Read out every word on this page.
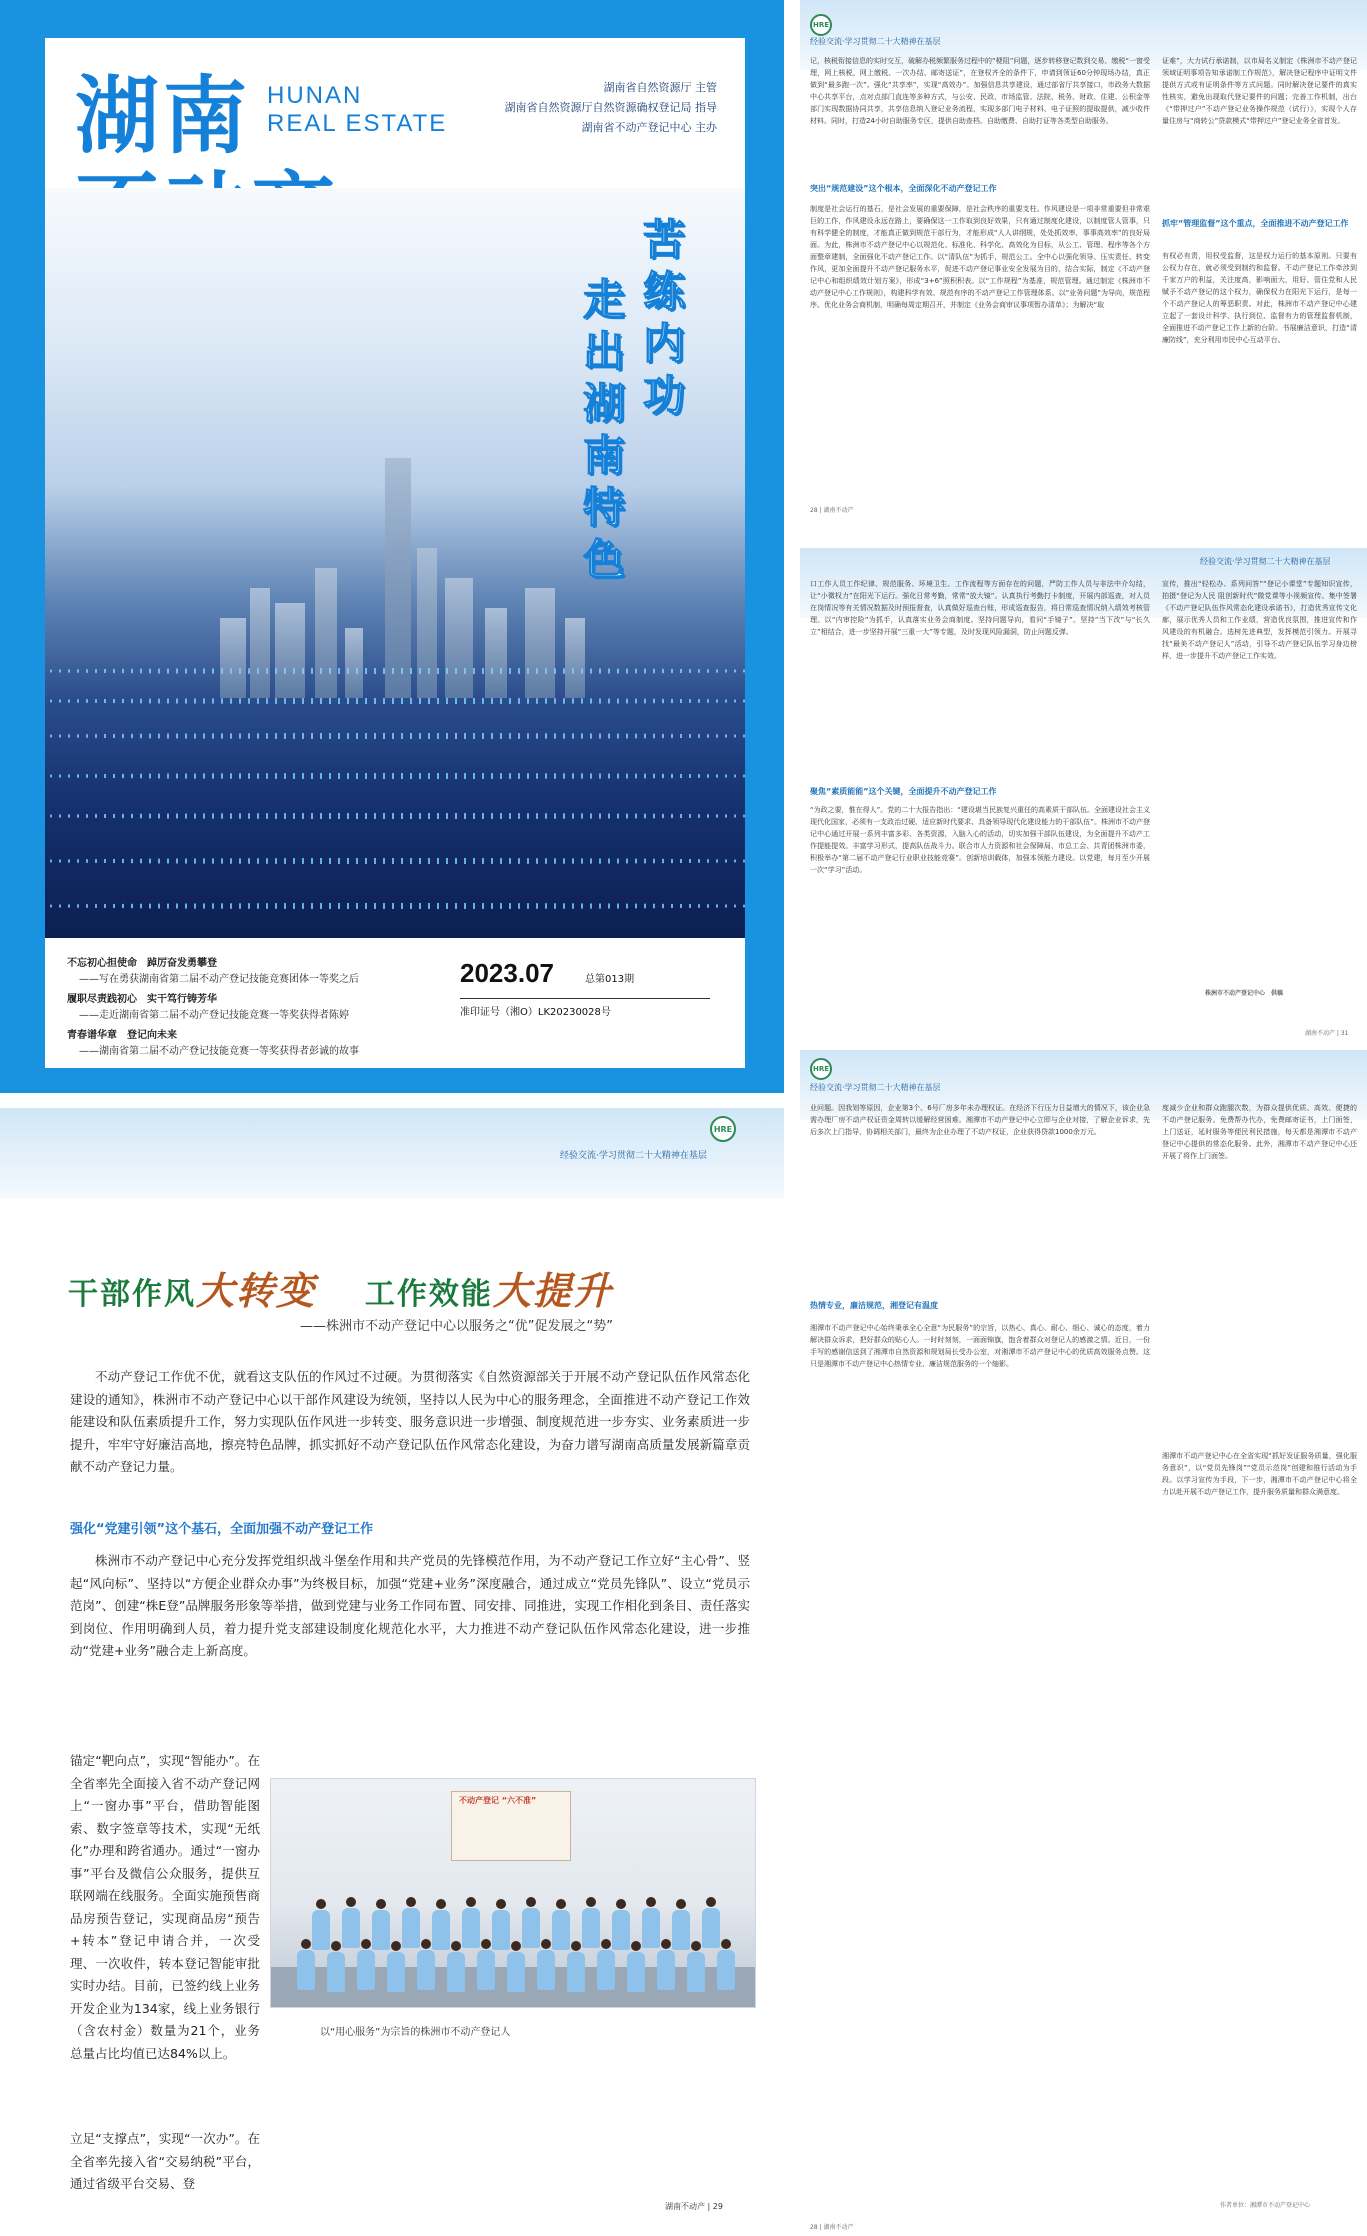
湖南 HUNAN
REAL ESTATE
湖南省自然资源厅 主管
湖南省自然资源厅自然资源确权登记局 指导
湖南省不动产登记中心 主办
走
出
湖
南
特
色
苦
练
内
功
不忘初心担使命　踔厉奋发勇攀登
——写在勇获湖南省第二届不动产登记技能竞赛团体一等奖之后
履职尽责践初心　实干笃行铸芳华
——走近湖南省第二届不动产登记技能竞赛一等奖获得者陈婷
青春谱华章　登记向未来
——湖南省第二届不动产登记技能竞赛一等奖获得者彭诚的故事
2023.07	总第013期
准印证号（湘O）LK20230028号
HRE
经验交流·学习贯彻二十大精神在基层
记，核税衔接信息的实时交互，破解办税频繁服务过程中的“梗阻”问题，逐步转移登记数到交易、缴税“一窗受理，网上核税，网上缴税、一次办结、邮寄送证”，在登权齐全的条件下，申请到领证60分钟现场办结，真正做到“最多跑一次”。强化“共享率”，实现“高效办”。加强信息共享建设，通过部省厅共享接口，市政务大数据中心共享平台，点对点部门直连等多种方式，与公安、民政、市场监管、法院、税务、财政、住建、公积金等部门实现数据协同共享，共享信息纳入登记业务流程，实现多部门电子材料、电子证照的提取提供，减少收件材料。同时，打造24小时自助服务专区，提供自助查档、自助缴费、自助打证等各类型自助服务。
突出“规范建设”这个根本，全面深化不动产登记工作
制度是社会运行的基石，是社会发展的重要保障，是社会秩序的重要支柱。作风建设是一项非常重要但非常艰巨的工作，作风建设永远在路上，要确保这一工作取到良好效果，只有通过制度化建设，以制度管人管事，只有科学健全的制度，才能真正做到规范干部行为，才能形成“人人讲纲规，处处抓效率，事事高效率”的良好局面。为此，株洲市不动产登记中心以规范化、标准化、科学化、高效化为目标，从公工、管理、程序等各个方面整章建制，全面强化不动产登记工作。以“清队伍”为抓手，规范公工。全中心以强化领导、压实责任、转变作风，更加全面提升不动产登记服务水平，促进不动产登记事业安全发展为目的，结合实际，制定《不动产登记中心和组织绩效计划方案》，形成“3+6”照积积表。以“工作规程”为基准，规范管理。通过制定《株洲市不动产登记中心工作规则》，构建科学有效、规范有序的不动产登记工作管理体系。以“业务问题”为导向，规范程序。优化业务会商机制，明确每周定期召开，并制定《业务会商审议事项暂办清单》；为解决“取
证难”，大力试行承诺制，以市局名义制定《株洲市不动产登记领域证明事项告知承诺制工作规范》，解决登记程序中证明文件提供方式或有证明条件等方式问题。同时解决登记要件的真实性核实，避免出现取代登记要件的问题；完善工作机制，出台《“带押过户”不动产登记业务操作规范（试行）》，实现个人存量住房与“商转公”贷款模式“带押过户”登记业务全省首发。
抓牢“管理监督”这个重点，全面推进不动产登记工作
有权必有责，用权受监督，这是权力运行的基本原则。只要有公权力存在，就必须受到制约和监督。不动产登记工作牵涉到千家万户的利益，关注度高，影响面大，用好、管住党和人民赋予不动产登记的这个权力，确保权力在阳光下运行，是每一个不动产登记人的筹恶职责。对此，株洲市不动产登记中心建立起了一套设计科学、执行到位、监督有力的管理监督机制，全面推进不动产登记工作上新的台阶。书展廉洁意识，打造“清廉防线”，充分利用市民中心互动平台。
28 | 湖南不动产
经验交流·学习贯彻二十大精神在基层
口工作人员工作纪律、规范服务、环境卫生、工作流程等方面存在的问题，严防工作人员与非法中介勾结，让“小微权力”在阳光下运行。强化日常考勤，常常“放大镜”。认真执行考勤打卡制度，开展内部巡查，对人员在岗情况等有关情况数据及时预报督查，认真做好巡查台账，形成巡查报告，将日常巡查情况纳入绩效考核管理。以“内审控险”为抓手，认真落实业务会商制度。坚持问题导向，看问“手镜子”。坚持“当下改”与“长久立”相结合，进一步坚持开展“三重一大”等专题，及时发现风险漏洞，防止问题反弹。
聚焦“素质能能”这个关键，全面提升不动产登记工作
“为政之要，惟在得人”。党的二十大报告指出：“建设堪当民族复兴重任的高素质干部队伍。全面建设社会主义现代化国家，必须有一支政治过硬、适应新时代要求、具备领导现代化建设能力的干部队伍”。株洲市不动产登记中心通过开展一系列丰富多彩、各类资源，入脑入心的活动，切实加强干部队伍建设，为全面提升不动产工作提能提效。丰富学习形式，提高队伍战斗力。联合市人力资源和社会保障局、市总工会、共青团株洲市委，积极举办“第二届不动产登记行业职业技能竞赛”。创新培训载体，加强本领能力建设。以党建，每月至少开展一次“学习”活动。
宣传，推出“轻松办、系列问答”“登记小课堂”专题知识宣传，拍摄“登记为人民 阻创新时代”微党课等小视频宣传。集中签署《不动产登记队伍作风常态化建设承诺书》，打造优秀宣传文化廊，展示优秀人员和工作业绩，营造优良氛围，推进宣传和作风建设的有机融合。选树先进典型，发挥模范引领力。开展寻找“最美不动产登记人”活动，引导不动产登记队伍学习身边榜样，进一步提升不动产登记工作实效。
株洲市不动产登记中心　供稿
湖南不动产 | 31
HRE
经验交流·学习贯彻二十大精神在基层
业问题。因我划等原因，企业第3个、6号厂房多年未办理权证。在经济下行压力日益增大的情况下，该企业急需办理厂房不动产权证资金周转以缓解经营困难。湘潭市不动产登记中心立即与企业对接，了解企业诉求，先后多次上门指导，协调相关部门，最终为企业办理了不动产权证，企业获得贷款1000余万元。
热情专业，廉洁规范，湘登记有温度
湘潭市不动产登记中心始终秉承全心全意“为民服务”的宗旨，以热心、真心、耐心、细心、诚心的态度，着力解决群众诉求，把好群众的贴心人。一时时刻刻，一面面锦旗，饱含着群众对登记人的感激之情。近日，一份手写的感谢信送到了湘潭市自然资源和规划局长受办公室，对湘潭市不动产登记中心的优质高效服务点赞。这只是湘潭市不动产登记中心热情专业、廉洁规范服务的一个缩影。
度减少企业和群众跑腿次数，为群众提供优质、高效、便捷的不动产登记服务。免费帮办代办，免费邮寄证书，上门面签，上门送证，延时服务等便民利民措施，每天都是湘潭市不动产登记中心提供的常态化服务。此外，湘潭市不动产登记中心还开展了将作上门面签。
湘潭市不动产登记中心在全省实现“抓好发证服务质量，强化服务意识”，以“党员先锋岗”“党员示范岗”创建和推行活动为手段。以学习宣传为手段，下一步，湘潭市不动产登记中心将全力以赴开展不动产登记工作，提升服务质量和群众满意度。
作者单位：湘潭市不动产登记中心
28 | 湖南不动产
HRE
经验交流·学习贯彻二十大精神在基层
干部作风大转变 工作效能大提升
——株洲市不动产登记中心以服务之“优”促发展之“势”
不动产登记工作优不优，就看这支队伍的作风过不过硬。为贯彻落实《自然资源部关于开展不动产登记队伍作风常态化建设的通知》，株洲市不动产登记中心以干部作风建设为统领，坚持以人民为中心的服务理念，全面推进不动产登记工作效能建设和队伍素质提升工作，努力实现队伍作风进一步转变、服务意识进一步增强、制度规范进一步夯实、业务素质进一步提升，牢牢守好廉洁高地，擦亮特色品牌，抓实抓好不动产登记队伍作风常态化建设，为奋力谱写湖南高质量发展新篇章贡献不动产登记力量。
强化“党建引领”这个基石，全面加强不动产登记工作
株洲市不动产登记中心充分发挥党组织战斗堡垒作用和共产党员的先锋模范作用，为不动产登记工作立好“主心骨”、竖起“风向标”、坚持以“方便企业群众办事”为终极目标，加强“党建+业务”深度融合，通过成立“党员先锋队”、设立“党员示范岗”、创建“株E登”品牌服务形象等举措，做到党建与业务工作同布置、同安排、同推进，实现工作相化到条目、责任落实到岗位、作用明确到人员，着力提升党支部建设制度化规范化水平，大力推进不动产登记队伍作风常态化建设，进一步推动“党建+业务”融合走上新高度。
锚定“靶向点”，实现“智能办”。在全省率先全面接入省不动产登记网上“一窗办事”平台，借助智能图索、数字签章等技术，实现“无纸化”办理和跨省通办。通过“一窗办事”平台及微信公众服务，提供互联网端在线服务。全面实施预售商品房预告登记，实现商品房“预告+转本”登记申请合并，一次受理、一次收件，转本登记智能审批实时办结。目前，已签约线上业务开发企业为134家，线上业务银行（含农村金）数量为21个，业务总量占比均值已达84%以上。
立足“支撑点”，实现“一次办”。在全省率先接入省“交易纳税”平台，通过省级平台交易、登
不动产登记 “六不准”
以“用心服务”为宗旨的株洲市不动产登记人
湖南不动产 | 29
